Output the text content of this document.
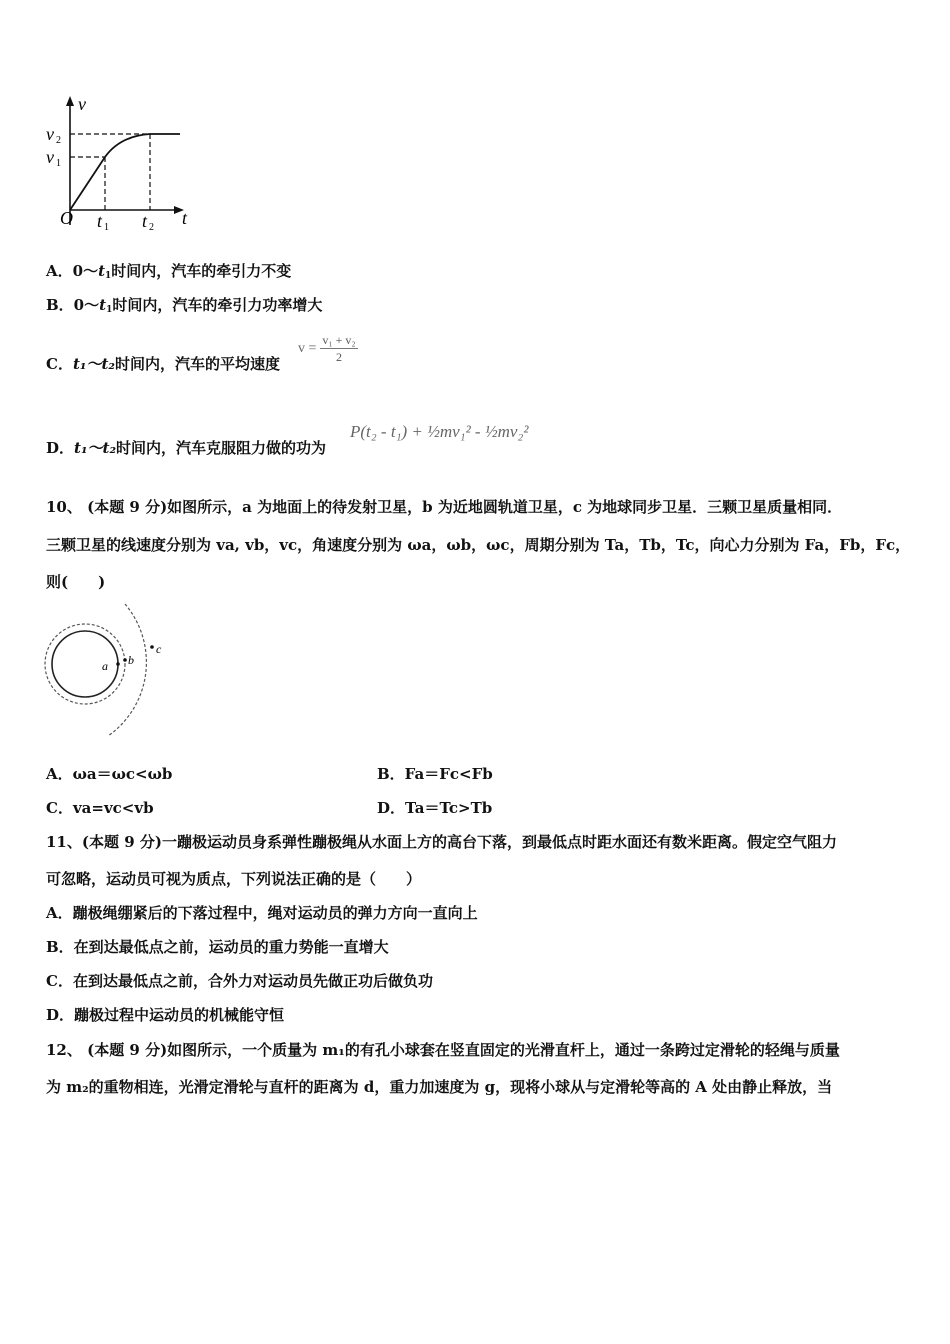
v
t
O
v 2
v 1
t 1 t 2
A．$0\sim t_1$时间内，汽车的牵引力不变
B．$0\sim t_1$时间内，汽车的牵引力功率增大
C．t₁～t₂时间内，汽车的平均速度
$v = \frac{\text{v₁ + v₂}}{2}$
D．t₁～t₂时间内，汽车克服阻力做的功为
P(t₂ - t₁) + ½mv₁² - ½mv₂²
10、 (本题 9 分)如图所示，a 为地面上的待发射卫星，b 为近地圆轨道卫星，c 为地球同步卫星．三颗卫星质量相同．
三颗卫星的线速度分别为 va, vb，vc，角速度分别为 ωa，ωb，ωc，周期分别为 Ta，Tb，Tc，向心力分别为 Fa，Fb，Fc，
则(　　)
a b
c
A．ωa＝ωc<ωb	B．Fa＝Fc<Fb
C．va=vc<vb	D．Ta＝Tc>Tb
11、(本题 9 分)一蹦极运动员身系弹性蹦极绳从水面上方的高台下落，到最低点时距水面还有数米距离。假定空气阻力
可忽略，运动员可视为质点，下列说法正确的是（　　）
A．蹦极绳绷紧后的下落过程中，绳对运动员的弹力方向一直向上
B．在到达最低点之前，运动员的重力势能一直增大
C．在到达最低点之前，合外力对运动员先做正功后做负功
D．蹦极过程中运动员的机械能守恒
12、 (本题 9 分)如图所示，一个质量为 m₁的有孔小球套在竖直固定的光滑直杆上，通过一条跨过定滑轮的轻绳与质量
为 m₂的重物相连，光滑定滑轮与直杆的距离为 d，重力加速度为 g，现将小球从与定滑轮等高的 A 处由静止释放，当
